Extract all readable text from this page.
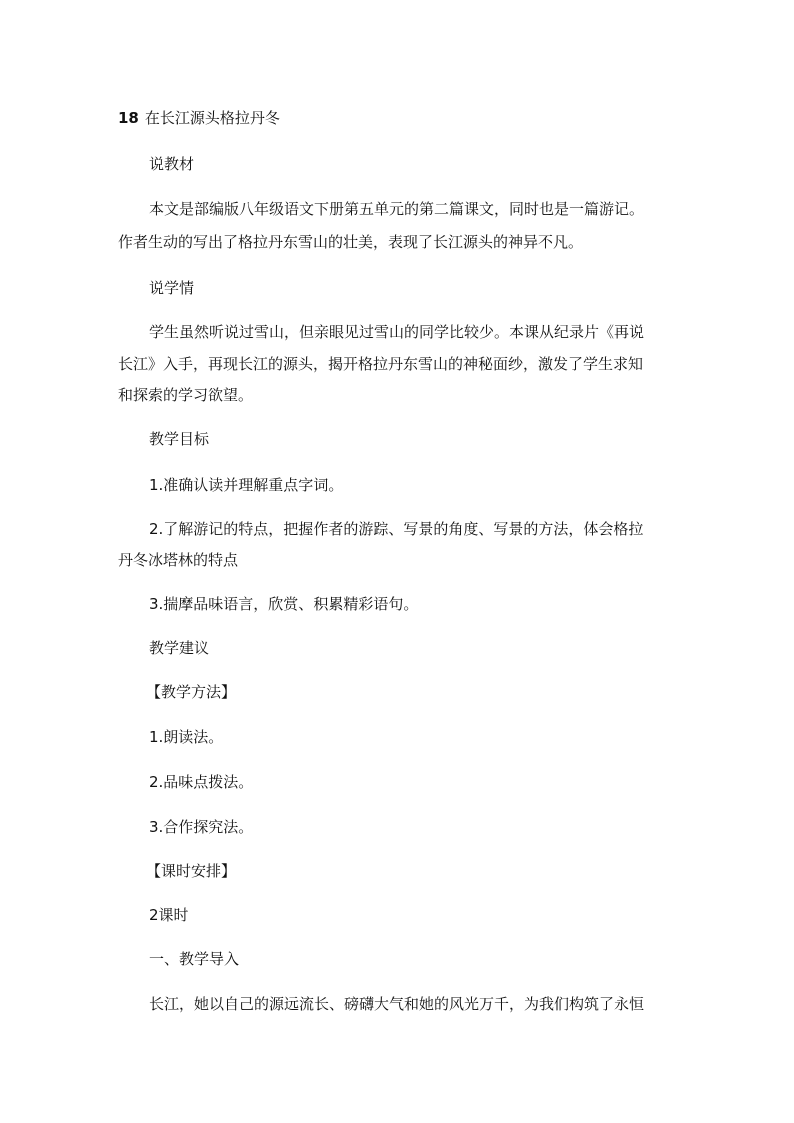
18 在长江源头格拉丹冬

说教材

本文是部编版八年级语文下册第五单元的第二篇课文，同时也是一篇游记。

作者生动的写出了格拉丹东雪山的壮美，表现了长江源头的神异不凡。

说学情

学生虽然听说过雪山，但亲眼见过雪山的同学比较少。本课从纪录片《再说

长江》入手，再现长江的源头，揭开格拉丹东雪山的神秘面纱，激发了学生求知

和探索的学习欲望。

教学目标

1.准确认读并理解重点字词。

2.了解游记的特点，把握作者的游踪、写景的角度、写景的方法，体会格拉

丹冬冰塔林的特点

3.揣摩品味语言，欣赏、积累精彩语句。

教学建议

【教学方法】

1.朗读法。

2.品味点拨法。

3.合作探究法。

【课时安排】

2课时

一、教学导入

长江，她以自己的源远流长、磅礴大气和她的风光万千，为我们构筑了永恒
